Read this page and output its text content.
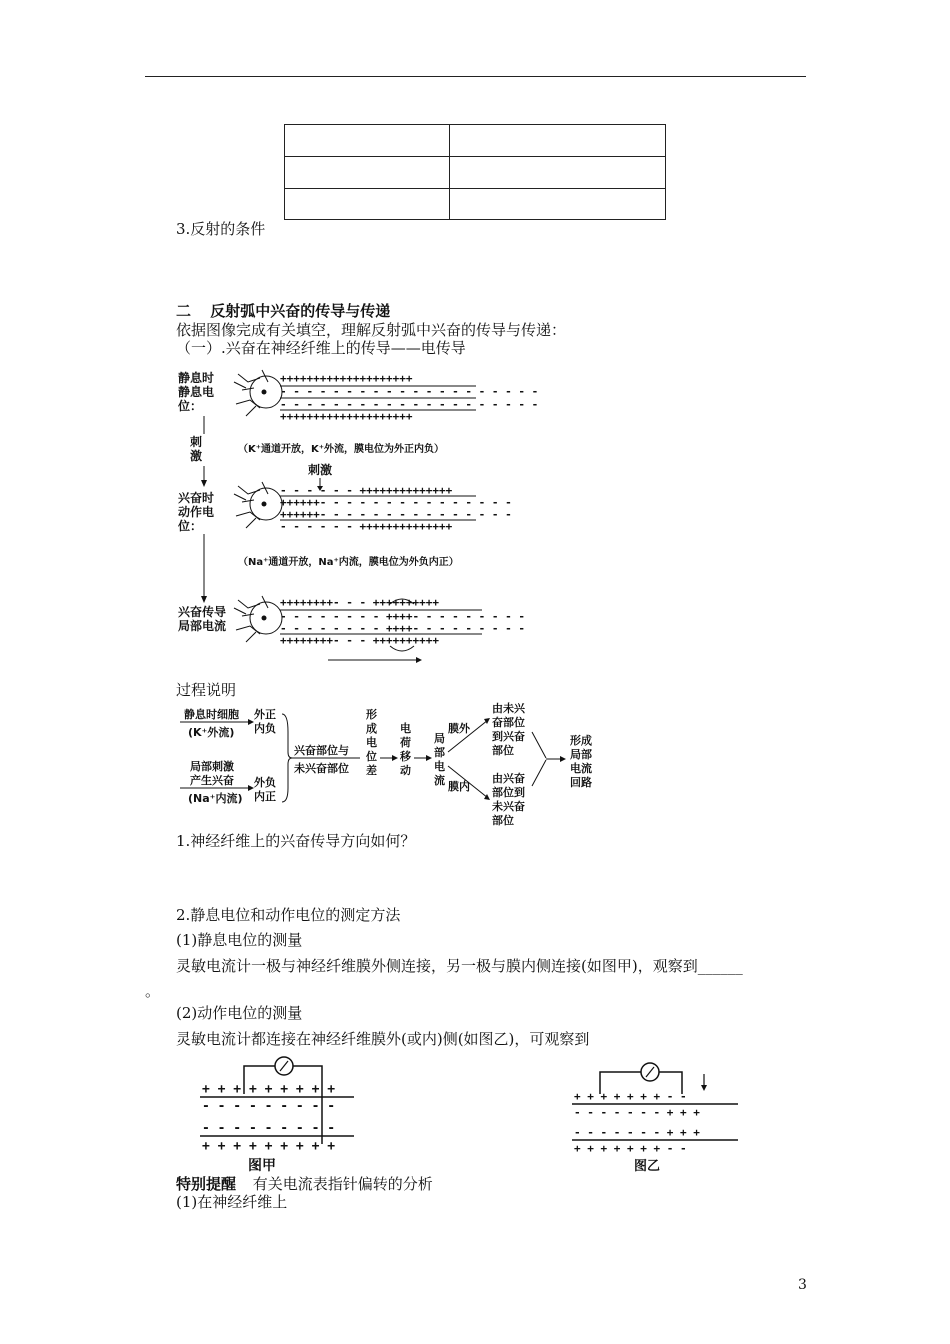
3.反射的条件
二 反射弧中兴奋的传导与传递
依据图像完成有关填空，理解反射弧中兴奋的传导与传递：
（一）.兴奋在神经纤维上的传导——电传导
静息时
静息电
位：
刺
激
兴奋时
动作电
位：
兴奋传导
局部电流
++++++++++++++++++++
- - - - - - - - - - - - - - - - - - - -
- - - - - - - - - - - - - - - - - - - -
++++++++++++++++++++
（K⁺通道开放，K⁺外流，膜电位为外正内负）
刺激
- - - - - - ++++++++++++++
++++++- - - - - - - - - - - - - - -
++++++- - - - - - - - - - - - - - -
- - - - - - ++++++++++++++
（Na⁺通道开放，Na⁺内流，膜电位为外负内正）
++++++++- - - ++++++++++
- - - - - - - - ++++- - - - - - - - -
- - - - - - - - ++++- - - - - - - - -
++++++++- - - ++++++++++
过程说明
静息时细胞
(K⁺外流)
外正
内负
局部刺激
产生兴奋
(Na⁺内流)
外负
内正
兴奋部位与
未兴奋部位
形
成
电
位
差
电
荷
移
动
局
部
电
流
膜外
膜内
由未兴
奋部位
到兴奋
部位
由兴奋
部位到
未兴奋
部位
形成
局部
电流
回路
1.神经纤维上的兴奋传导方向如何？
2.静息电位和动作电位的测定方法
(1)静息电位的测量
灵敏电流计一极与神经纤维膜外侧连接，另一极与膜内侧连接(如图甲)，观察到______
。
(2)动作电位的测量
灵敏电流计都连接在神经纤维膜外(或内)侧(如图乙)，可观察到
+ + + + + + + + +
- - - - - - - - -
- - - - - - - - -
+ + + + + + + + +
图甲
+ + + + + + + - -
- - - - - - - + + +
- - - - - - - + + +
+ + + + + + + - -
图乙
特别提醒 有关电流表指针偏转的分析
(1)在神经纤维上
3
